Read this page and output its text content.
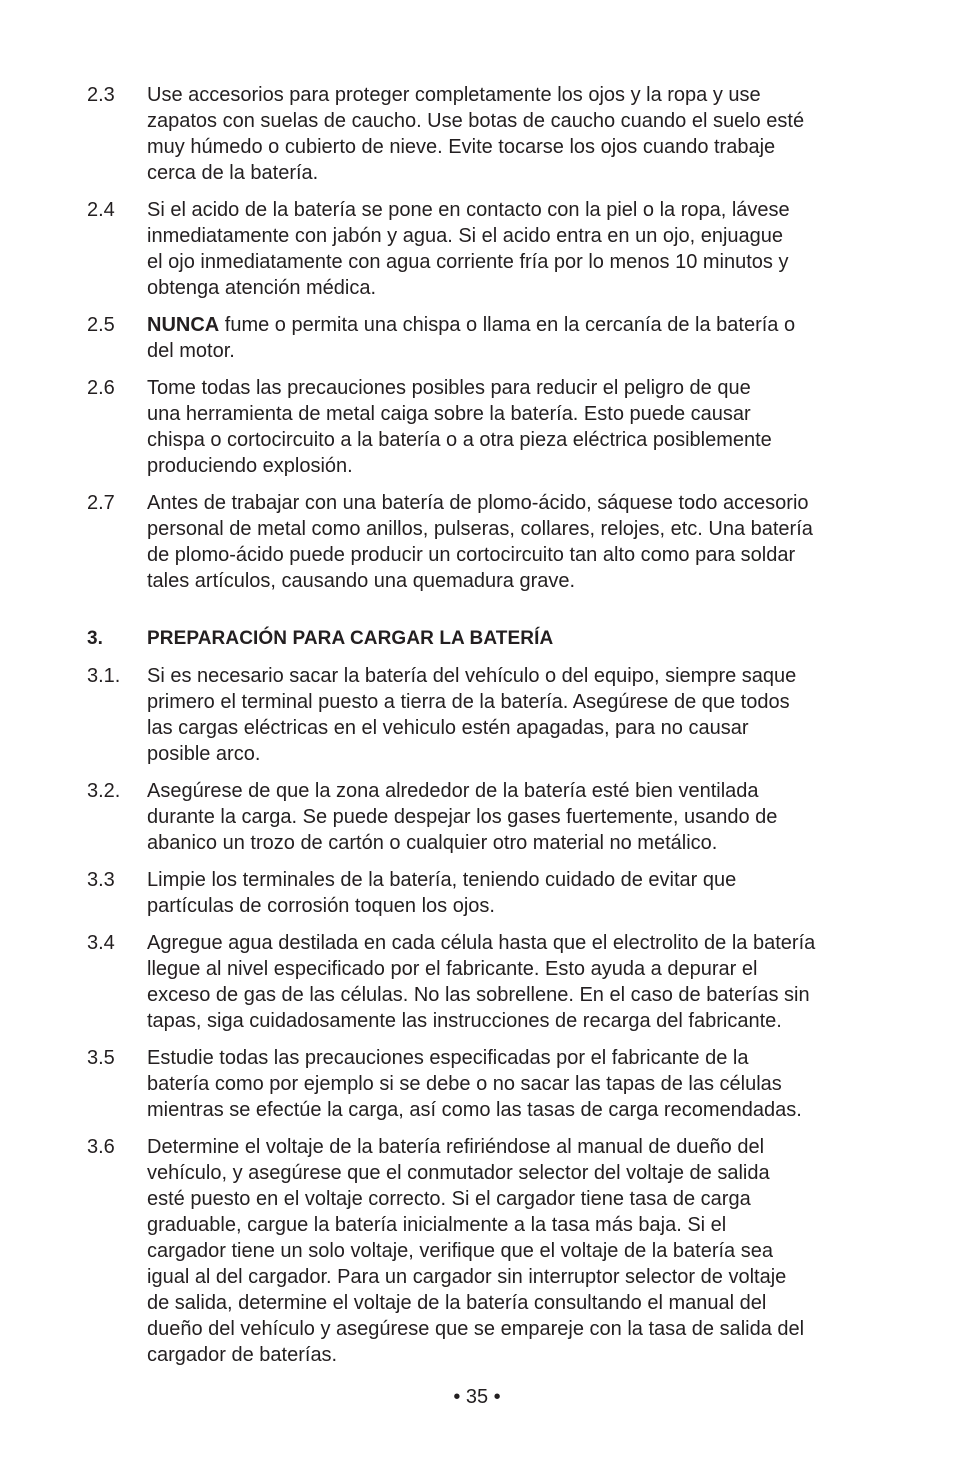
2.3 Use accesorios para proteger completamente los ojos y la ropa y use
zapatos con suelas de caucho. Use botas de caucho cuando el suelo esté
muy húmedo o cubierto de nieve. Evite tocarse los ojos cuando trabaje
cerca de la batería.
2.4 Si el acido de la batería se pone en contacto con la piel o la ropa, lávese
inmediatamente con jabón y agua. Si el acido entra en un ojo, enjuague
el ojo inmediatamente con agua corriente fría por lo menos 10 minutos y
obtenga atención médica.
2.5 NUNCA fume o permita una chispa o llama en la cercanía de la batería o
del motor.
2.6 Tome todas las precauciones posibles para reducir el peligro de que
una herramienta de metal caiga sobre la batería. Esto puede causar
chispa o cortocircuito a la batería o a otra pieza eléctrica posiblemente
produciendo explosión.
2.7 Antes de trabajar con una batería de plomo-ácido, sáquese todo accesorio
personal de metal como anillos, pulseras, collares, relojes, etc. Una batería
de plomo-ácido puede producir un cortocircuito tan alto como para soldar
tales artículos, causando una quemadura grave.
3. PREPARACIÓN PARA CARGAR LA BATERÍA
3.1. Si es necesario sacar la batería del vehículo o del equipo, siempre saque
primero el terminal puesto a tierra de la batería. Asegúrese de que todos
las cargas eléctricas en el vehiculo estén apagadas, para no causar
posible arco.
3.2. Asegúrese de que la zona alrededor de la batería esté bien ventilada
durante la carga. Se puede despejar los gases fuertemente, usando de
abanico un trozo de cartón o cualquier otro material no metálico.
3.3 Limpie los terminales de la batería, teniendo cuidado de evitar que
partículas de corrosión toquen los ojos.
3.4 Agregue agua destilada en cada célula hasta que el electrolito de la batería
llegue al nivel especificado por el fabricante. Esto ayuda a depurar el
exceso de gas de las células. No las sobrellene. En el caso de baterías sin
tapas, siga cuidadosamente las instrucciones de recarga del fabricante.
3.5 Estudie todas las precauciones especificadas por el fabricante de la
batería como por ejemplo si se debe o no sacar las tapas de las células
mientras se efectúe la carga, así como las tasas de carga recomendadas.
3.6 Determine el voltaje de la batería refiriéndose al manual de dueño del
vehículo, y asegúrese que el conmutador selector del voltaje de salida
esté puesto en el voltaje correcto. Si el cargador tiene tasa de carga
graduable, cargue la batería inicialmente a la tasa más baja. Si el
cargador tiene un solo voltaje, verifique que el voltaje de la batería sea
igual al del cargador. Para un cargador sin interruptor selector de voltaje
de salida, determine el voltaje de la batería consultando el manual del
dueño del vehículo y asegúrese que se empareje con la tasa de salida del
cargador de baterías.
• 35 •
